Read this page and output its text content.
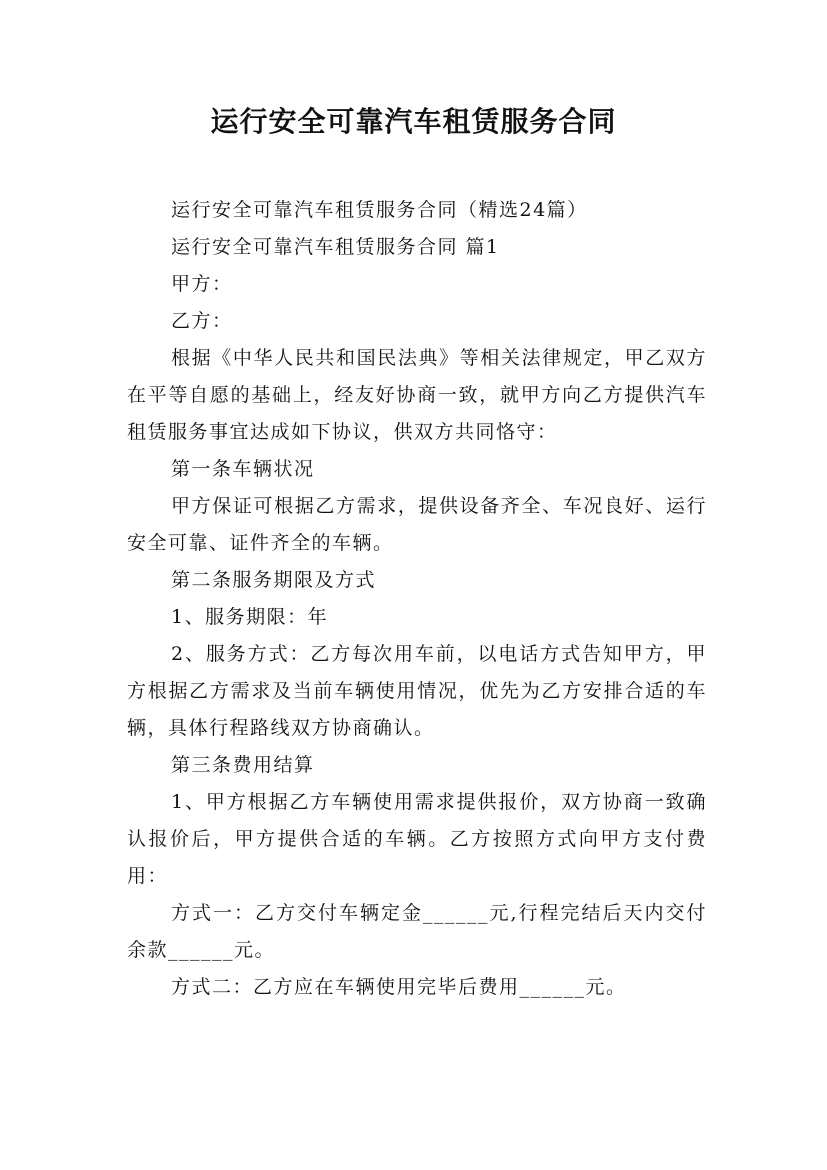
运行安全可靠汽车租赁服务合同

运行安全可靠汽车租赁服务合同（精选24篇）

运行安全可靠汽车租赁服务合同 篇1

甲方：

乙方：

根据《中华人民共和国民法典》等相关法律规定，甲乙双方在平等自愿的基础上，经友好协商一致，就甲方向乙方提供汽车租赁服务事宜达成如下协议，供双方共同恪守：

第一条车辆状况

甲方保证可根据乙方需求，提供设备齐全、车况良好、运行安全可靠、证件齐全的车辆。

第二条服务期限及方式

1、服务期限：年

2、服务方式：乙方每次用车前，以电话方式告知甲方，甲方根据乙方需求及当前车辆使用情况，优先为乙方安排合适的车辆，具体行程路线双方协商确认。

第三条费用结算

1、甲方根据乙方车辆使用需求提供报价，双方协商一致确认报价后，甲方提供合适的车辆。乙方按照方式向甲方支付费用：

方式一：乙方交付车辆定金______元,行程完结后天内交付余款______元。

方式二：乙方应在车辆使用完毕后费用______元。
